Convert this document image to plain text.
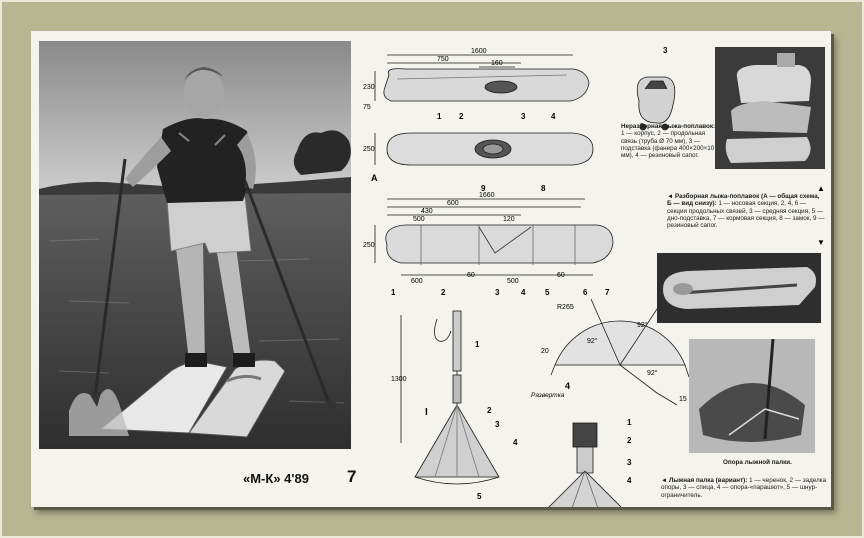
«М-К» 4'89 7
1600
750
160
230
75
250
1660
600
430
120
500
250
60
600	500
60
1300
R265
92°
92°
92°
15
20
Развертка
1 2	3	4
3
А
9	8
1	2	3	4 5	6 7
1
2
3
4
5
I
1
2
3
4
4
▼
▲
Неразборная лыжа-поплавок: 1 — корпус, 2 — продольная связь (труба Ø 70 мм), 3 — подставка (фанера 400×200×10 мм), 4 — резиновый сапог.
◄ Разборная лыжа-поплавок (А — общая схема, Б — вид снизу): 1 — носовая секция, 2, 4, 6 — секции продольных связей, 3 — средняя секция, 5 — дно-подставка, 7 — кормовая секция, 8 — замок, 9 — резиновый сапог.
Опора лыжной палки.
◄ Лыжная палка (вариант): 1 — черенок, 2 — заделка опоры, 3 — спица, 4 — опора-«парашют», 5 — шнур-ограничитель.
